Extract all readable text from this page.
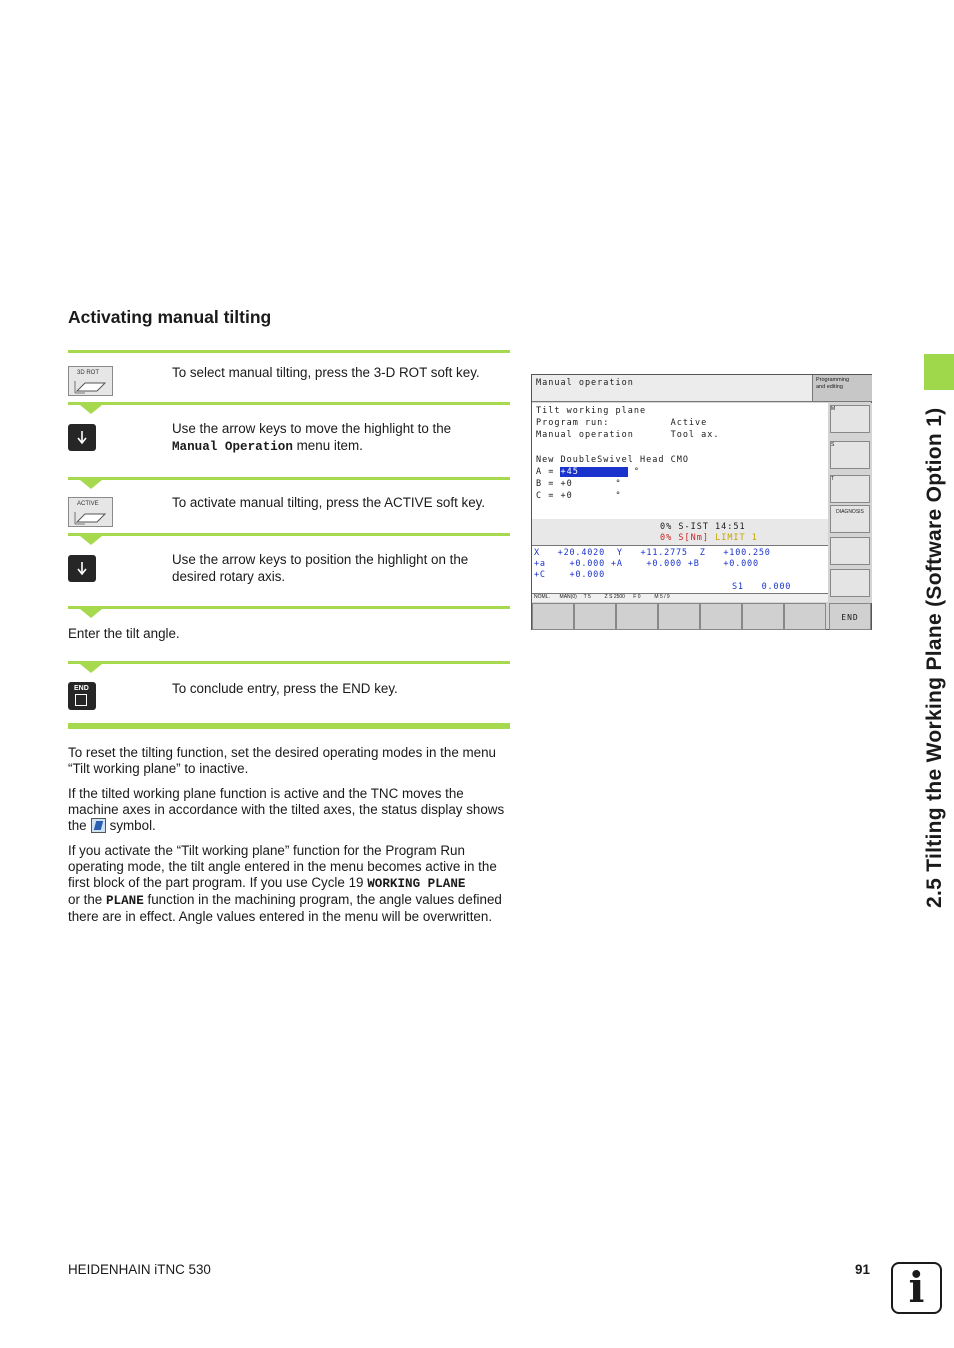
2.5 Tilting the Working Plane (Software Option 1)
Activating manual tilting
3D ROT	To select manual tilting, press the 3-D ROT soft key.
Use the arrow keys to move the highlight to the
Manual Operation menu item.
ACTIVE	To activate manual tilting, press the ACTIVE soft key.
Use the arrow keys to position the highlight on the desired rotary axis.
Enter the tilt angle.
END	To conclude entry, press the END key.

To reset the tilting function, set the desired operating modes in the menu “Tilt working plane” to inactive.

If the tilted working plane function is active and the TNC moves the machine axes in accordance with the tilted axes, the status display shows the symbol.

If you activate the “Tilt working plane” function for the Program Run operating mode, the tilt angle entered in the menu becomes active in the first block of the part program. If you use Cycle 19 WORKING PLANE
or the PLANE function in the machining program, the angle values defined there are in effect. Angle values entered in the menu will be overwritten.

Manual operation	Programming
and editing
Tilt working plane
Program run:          Active
Manual operation      Tool ax.
New DoubleSwivel Head CMO
A = +45	°
B = +0       °
C = +0       °
M
S
T
DIAGNOSIS
0% S-IST 14:51
0% S[Nm] LIMIT 1
X   +20.4020  Y   +11.2775  Z   +100.250
+a    +0.000 +A    +0.000 +B    +0.000
+C    +0.000
S1   0.000
NOML.       MAN(0)     T 5          Z S 2500      F 0          M 5 / 9
END
HEIDENHAIN iTNC 530	91 i
